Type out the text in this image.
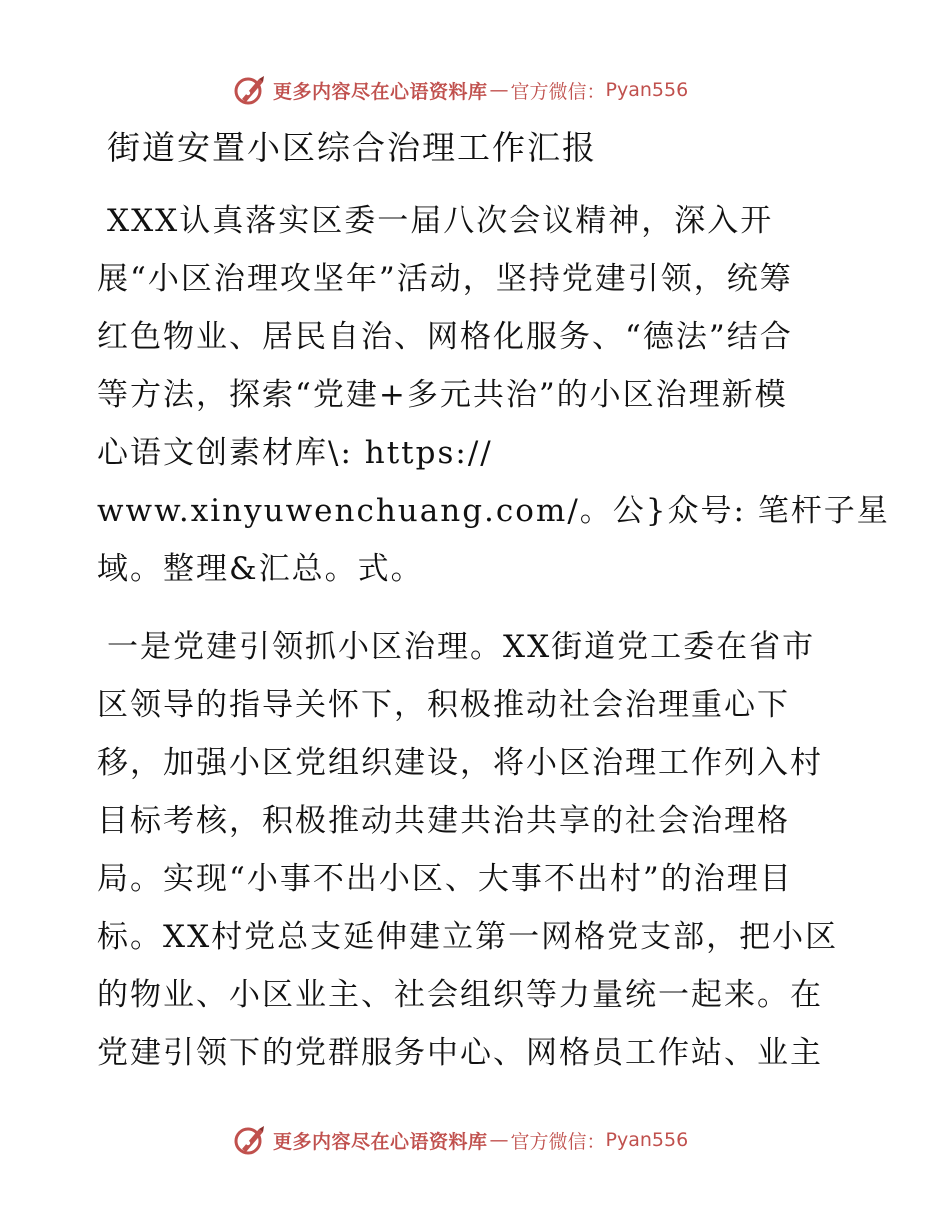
更多内容尽在心语资料库 — 官方微信： Pyan556
街道安置小区综合治理工作汇报
XXX认真落实区委一届八次会议精神，深入开
展“小区治理攻坚年”活动，坚持党建引领，统筹
红色物业、居民自治、网格化服务、“德法”结合
等方法，探索“党建+多元共治”的小区治理新模
心语文创素材库\: https://
www.xinyuwenchuang.com/。公}众号: 笔杆子星
域。整理&汇总。式。
一是党建引领抓小区治理。XX街道党工委在省市
区领导的指导关怀下，积极推动社会治理重心下
移，加强小区党组织建设，将小区治理工作列入村
目标考核，积极推动共建共治共享的社会治理格
局。实现“小事不出小区、大事不出村”的治理目
标。XX村党总支延伸建立第一网格党支部，把小区
的物业、小区业主、社会组织等力量统一起来。在
党建引领下的党群服务中心、网格员工作站、业主
更多内容尽在心语资料库 — 官方微信： Pyan556
